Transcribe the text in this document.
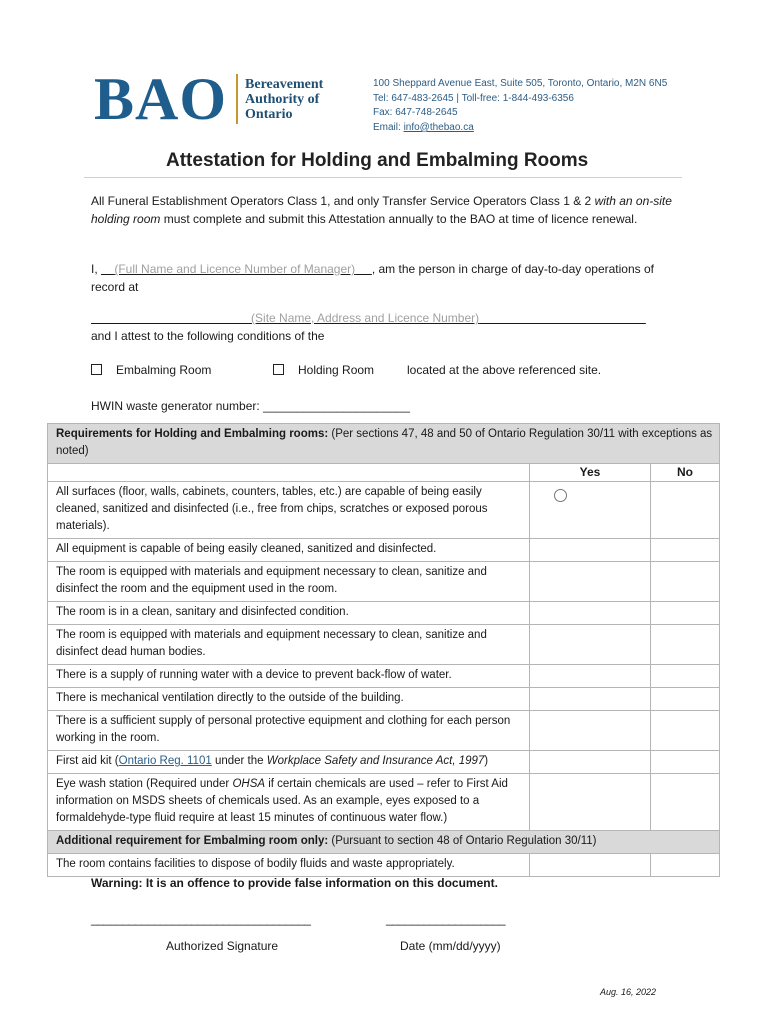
BAO Bereavement
Authority of
Ontario
100 Sheppard Avenue East, Suite 505, Toronto, Ontario, M2N 6N5
Tel: 647-483-2645 | Toll-free: 1-844-493-6356
Fax: 647-748-2645
Email: info@thebao.ca
Attestation for Holding and Embalming Rooms
All Funeral Establishment Operators Class 1, and only Transfer Service Operators Class 1 & 2 with an on-site holding room must complete and submit this Attestation annually to the BAO at time of licence renewal.
I,     (Full Name and Licence Number of Manager) , am the person in charge of day-to-day operations of record at
(Site Name, Address and Licence Number)
and I attest to the following conditions of the
Embalming Room	Holding Room	located at the above referenced site.
HWIN waste generator number: ______________________
Requirements for Holding and Embalming rooms: (Per sections 47, 48 and 50 of Ontario Regulation 30/11 with exceptions as noted)		
	Yes	No
All surfaces (floor, walls, cabinets, counters, tables, etc.) are capable of being easily cleaned, sanitized and disinfected (i.e., free from chips, scratches or exposed porous materials).		
All equipment is capable of being easily cleaned, sanitized and disinfected.		
The room is equipped with materials and equipment necessary to clean, sanitize and disinfect the room and the equipment used in the room.		
The room is in a clean, sanitary and disinfected condition.		
The room is equipped with materials and equipment necessary to clean, sanitize and disinfect dead human bodies.		
There is a supply of running water with a device to prevent back-flow of water.		
There is mechanical ventilation directly to the outside of the building.		
There is a sufficient supply of personal protective equipment and clothing for each person working in the room.		
First aid kit (Ontario Reg. 1101 under the Workplace Safety and Insurance Act, 1997)		
Eye wash station (Required under OHSA if certain chemicals are used – refer to First Aid information on MSDS sheets of chemicals used. As an example, eyes exposed to a formaldehyde-type fluid require at least 15 minutes of continuous water flow.)		
Additional requirement for Embalming room only: (Pursuant to section 48 of Ontario Regulation 30/11)		
The room contains facilities to dispose of bodily fluids and waste appropriately.		
Warning: It is an offence to provide false information on this document.
___________________________________	___________________
Authorized Signature	Date (mm/dd/yyyy)
Aug. 16, 2022
